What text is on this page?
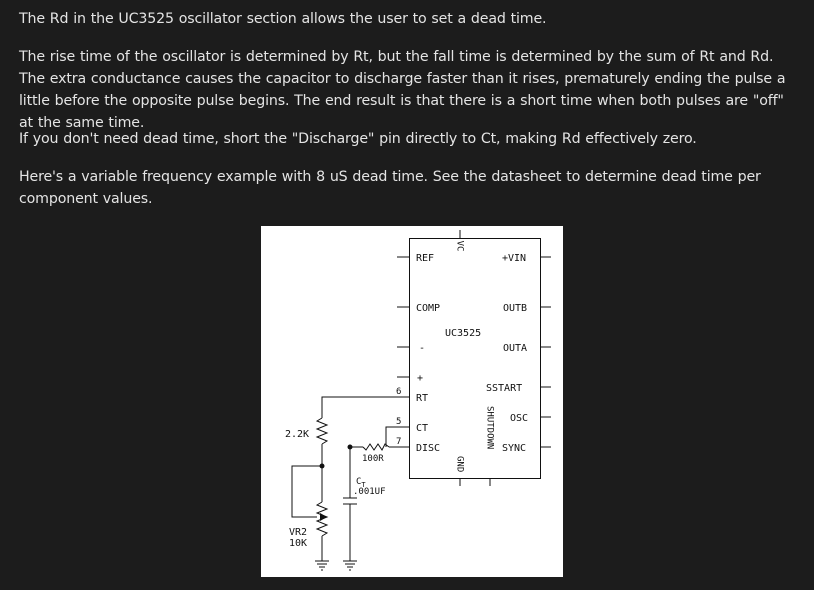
The Rd in the UC3525 oscillator section allows the user to set a dead time.

The rise time of the oscillator is determined by Rt, but the fall time is determined by the sum of Rt and Rd. The extra conductance causes the capacitor to discharge faster than it rises, prematurely ending the pulse a little before the opposite pulse begins. The end result is that there is a short time when both pulses are "off" at the same time.

If you don't need dead time, short the "Discharge" pin directly to Ct, making Rd effectively zero.

Here's a variable frequency example with 8 uS dead time. See the datasheet to determine dead time per component values.

REF
COMP
-
+
RT
CT
DISC
+VIN
OUTB
OUTA
SSTART
OSC
SYNC
UC3525
VC
GND
SHUTDOWN
6
5
7
2.2K
100R
$C_T$
.001UF
VR2
10K
